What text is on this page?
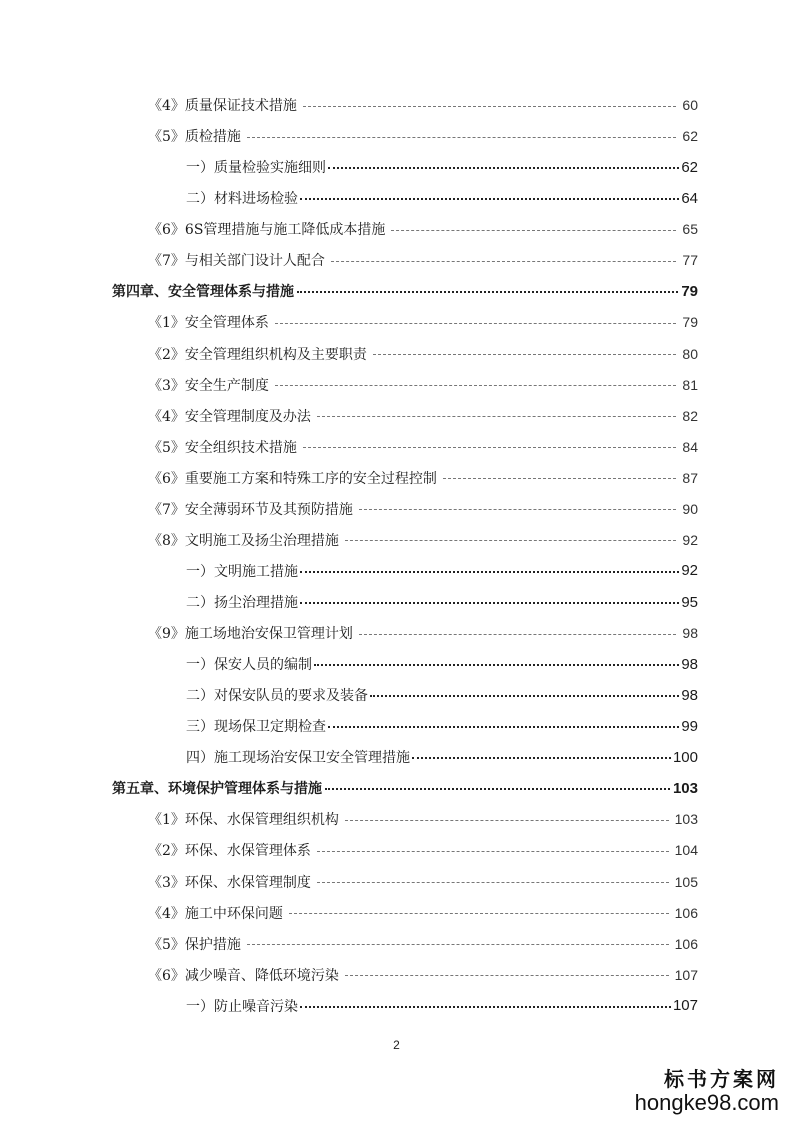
《4》质量保证技术措施	60
《5》质检措施	62
一）质量检验实施细则	62
二）材料进场检验	64
《6》6S管理措施与施工降低成本措施	65
《7》与相关部门设计人配合	77
第四章、安全管理体系与措施	79
《1》安全管理体系	79
《2》安全管理组织机构及主要职责	80
《3》安全生产制度	81
《4》安全管理制度及办法	82
《5》安全组织技术措施	84
《6》重要施工方案和特殊工序的安全过程控制	87
《7》安全薄弱环节及其预防措施	90
《8》文明施工及扬尘治理措施	92
一）文明施工措施	92
二）扬尘治理措施	95
《9》施工场地治安保卫管理计划	98
一）保安人员的编制	98
二）对保安队员的要求及装备	98
三）现场保卫定期检查	99
四）施工现场治安保卫安全管理措施	100
第五章、环境保护管理体系与措施	103
《1》环保、水保管理组织机构	103
《2》环保、水保管理体系	104
《3》环保、水保管理制度	105
《4》施工中环保问题	106
《5》保护措施	106
《6》减少噪音、降低环境污染	107
一）防止噪音污染	107
2
标书方案网
hongke98.com
